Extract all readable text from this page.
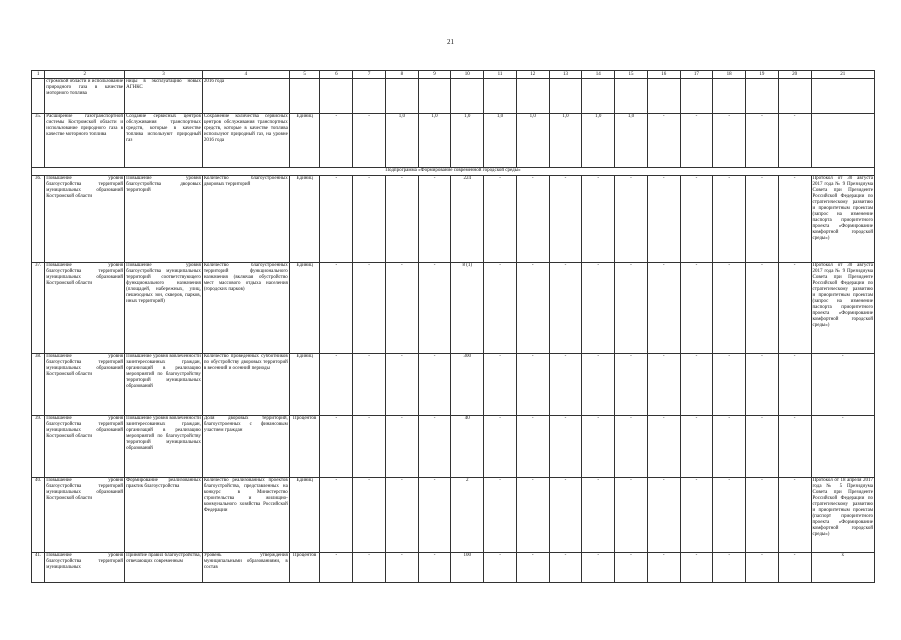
21
1	2	3	4	5	6	7	8	9	10	11	12	13	14	15	16	17	18	19	20	21
	стромской области и использование природного газа в качестве моторного топлива	ницы в эксплуатацию новых АГНКС	2016 года																	
35.	Расширение газотранспортной системы Костромской области и использование природного газа в качестве моторного топлива	Создание сервисных центров обслуживания транспортных средств, которые в качестве топлива используют природный газ	Сохранение количества сервисных центров обслуживания транспортных средств, которые в качестве топлива используют природный газ, на уровне 2016 года	Единиц	-	-	1,0	1,0	1,0	1,0	1,0	1,0	1,0	1,0	-	-	-	-	-	
Подпрограмма «Формирование современной городской среды»																				
36.	Повышение уровня благоустройства территорий муниципальных образований Костромской области	Повышение уровня благоустройства дворовых территорий	Количество благоустроенных дворовых территорий	Единиц	-	-	-	-	224	-	-	-	-	-	-	-	-	-	-	Протокол от 30 августа 2017 года № 9 Президиума Совета при Президенте Российской Федерации по стратегическому развитию и приоритетным проектам (запрос на изменение паспорта приоритетного проекта «Формирование комфортной городской среды»)
37.	Повышение уровня благоустройства территорий муниципальных образований Костромской области	Повышение уровня благоустройства муниципальных территорий соответствующего функционального назначения (площадей, набережных, улиц, пешеходных зон, скверов, парков, иных территорий)	Количество благоустроенных территорий функционального назначения (включая обустройство мест массового отдыха населения (городских парков)	Единиц	-	-	-	-	8 (1)	-	-	-	-	-	-	-	-	-	-	Протокол от 30 августа 2017 года № 9 Президиума Совета при Президенте Российской Федерации по стратегическому развитию и приоритетным проектам (запрос на изменение паспорта приоритетного проекта «Формирование комфортной городской среды»)
38.	Повышение уровня благоустройства территорий муниципальных образований Костромской области	Повышение уровня вовлеченности заинтересованных граждан, организаций в реализацию мероприятий по благоустройству территорий муниципальных образований	Количество проведенных субботников по обустройству дворовых территорий в весенний и осенний периоды	Единиц	-	-	-	-	300	-	-	-	-	-	-	-	-	-	-	-
39.	Повышение уровня благоустройства территорий муниципальных образований Костромской области	Повышение уровня вовлеченности заинтересованных граждан, организаций в реализацию мероприятий по благоустройству территорий муниципальных образований	Доля дворовых территорий, благоустроенных с финансовым участием граждан	Процентов	-	-	-	-	40	-	-	-	-	-	-	-	-	-	-	-
40.	Повышение уровня благоустройства территорий муниципальных образований Костромской области	Формирование реализованных практик благоустройства	Количество реализованных проектов благоустройства, представленных на конкурс в Министерство строительства и жилищно-коммунального хозяйства Российской Федерации	Единиц	-	-	-	-	2	-	-	-	-	-	-	-	-	-	-	Протокол от 18 апреля 2017 года № 5 Президиума Совета при Президенте Российской Федерации по стратегическому развитию и приоритетным проектам (паспорт приоритетного проекта «Формирование комфортной городской среды»)
41.	Повышение уровня благоустройства территорий муниципальных	Принятие правил благоустройства, отвечающих современным	Уровень утверждения муниципальными образованиями, в состав	Процентов	-	-	-	-	100	-	-	-	-	-	-	-	-	-	-	х
